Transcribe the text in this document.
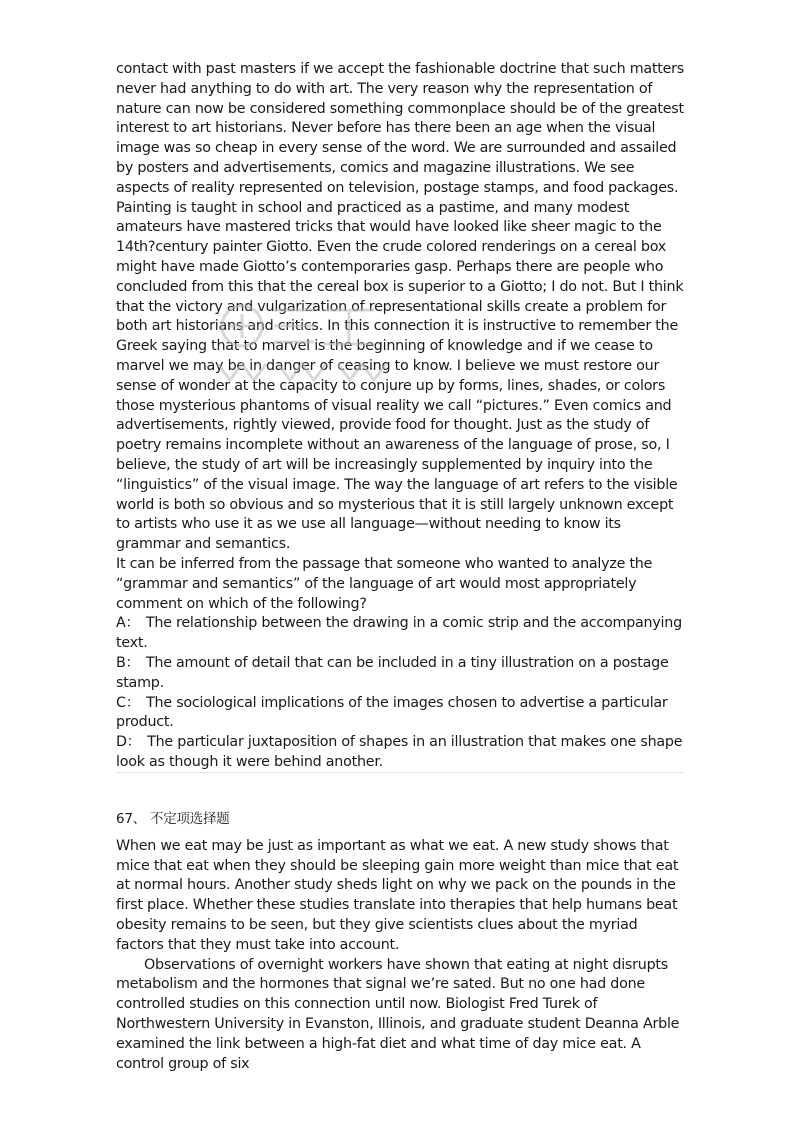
contact with past masters if we accept the fashionable doctrine that such matters never had anything to do with art. The very reason why the representation of nature can now be considered something commonplace should be of the greatest interest to art historians. Never before has there been an age when the visual image was so cheap in every sense of the word. We are surrounded and assailed by posters and advertisements, comics and magazine illustrations. We see aspects of reality represented on television, postage stamps, and food packages. Painting is taught in school and practiced as a pastime, and many modest amateurs have mastered tricks that would have looked like sheer magic to the 14th?century painter Giotto. Even the crude colored renderings on a cereal box might have made Giotto’s contemporaries gasp. Perhaps there are people who concluded from this that the cereal box is superior to a Giotto; I do not. But I think that the victory and vulgarization of representational skills create a problem for both art historians and critics. In this connection it is instructive to remember the Greek saying that to marvel is the beginning of knowledge and if we cease to marvel we may be in danger of ceasing to know. I believe we must restore our sense of wonder at the capacity to conjure up by forms, lines, shades, or colors those mysterious phantoms of visual reality we call “pictures.” Even comics and advertisements, rightly viewed, provide food for thought. Just as the study of poetry remains incomplete without an awareness of the language of prose, so, I believe, the study of art will be increasingly supplemented by inquiry into the “linguistics” of the visual image. The way the language of art refers to the visible world is both so obvious and so mysterious that it is still largely unknown except to artists who use it as we use all language—without needing to know its grammar and semantics.

It can be inferred from the passage that someone who wanted to analyze the “grammar and semantics” of the language of art would most appropriately comment on which of the following?

A： The relationship between the drawing in a comic strip and the accompanying text.

B： The amount of detail that can be included in a tiny illustration on a postage stamp.

C： The sociological implications of the images chosen to advertise a particular product.

D： The particular juxtaposition of shapes in an illustration that makes one shape look as though it were behind another.

67、 不定项选择题

When we eat may be just as important as what we eat. A new study shows that mice that eat when they should be sleeping gain more weight than mice that eat at normal hours. Another study sheds light on why we pack on the pounds in the first place. Whether these studies translate into therapies that help humans beat obesity remains to be seen, but they give scientists clues about the myriad factors that they must take into account.

Observations of overnight workers have shown that eating at night disrupts metabolism and the hormones that signal we’re sated. But no one had done controlled studies on this connection until now. Biologist Fred Turek of Northwestern University in Evanston, Illinois, and graduate student Deanna Arble examined the link between a high-fat diet and what time of day mice eat. A control group of six
